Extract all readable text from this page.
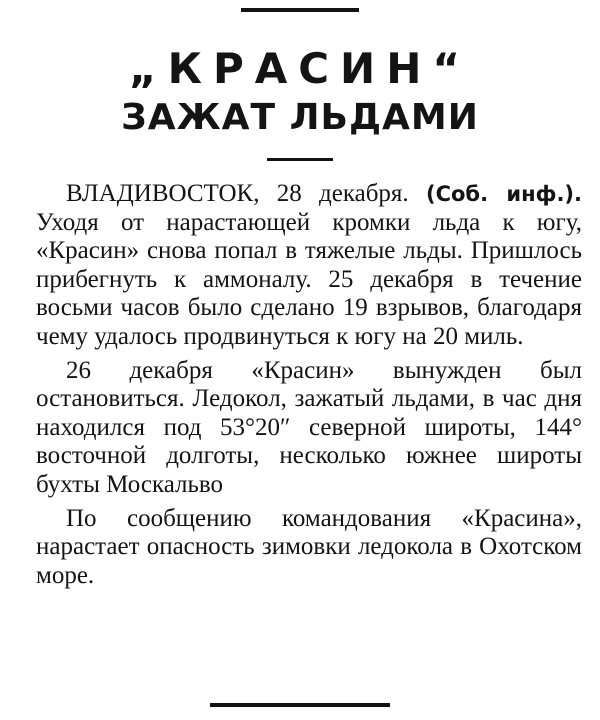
„КРАСИН“
ЗАЖАТ ЛЬДАМИ

ВЛАДИВОСТОК, 28 декабря. (Соб. инф.). Уходя от нарастающей кромки льда к югу, «Красин» снова попал в тяжелые льды. Пришлось прибегнуть к аммоналу. 25 декабря в течение восьми часов было сделано 19 взрывов, благодаря чему удалось продвинуться к югу на 20 миль.

26 декабря «Красин» вынужден был остановиться. Ледокол, зажатый льдами, в час дня находился под 53°20″ северной широты, 144° восточной долготы, несколько южнее широты бухты Москальво

По сообщению командования «Красина», нарастает опасность зимовки ледокола в Охотском море.
